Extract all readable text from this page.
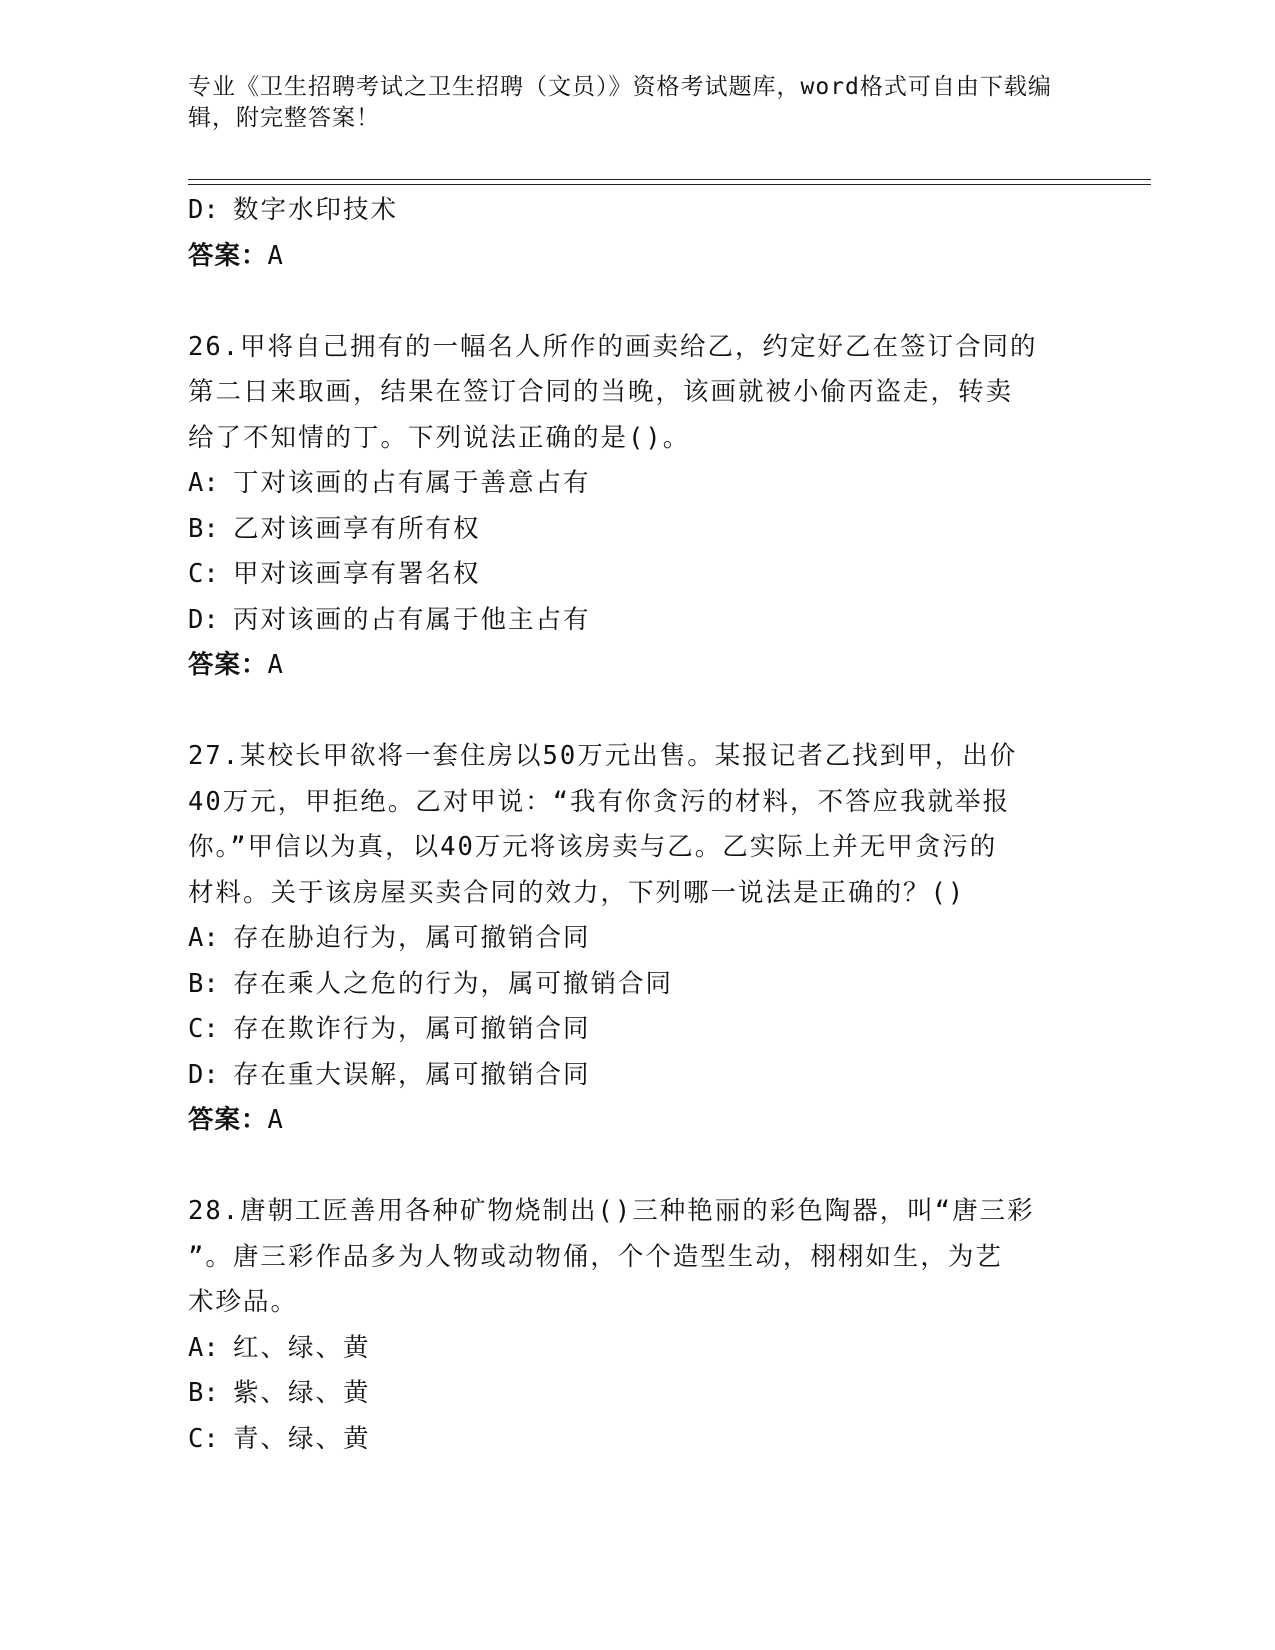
专业《卫生招聘考试之卫生招聘（文员）》资格考试题库，word格式可自由下载编辑，附完整答案！
D: 数字水印技术
答案：A
26.甲将自己拥有的一幅名人所作的画卖给乙，约定好乙在签订合同的
第二日来取画，结果在签订合同的当晚，该画就被小偷丙盗走，转卖
给了不知情的丁。下列说法正确的是()。
A: 丁对该画的占有属于善意占有
B: 乙对该画享有所有权
C: 甲对该画享有署名权
D: 丙对该画的占有属于他主占有
答案：A
27.某校长甲欲将一套住房以50万元出售。某报记者乙找到甲，出价
40万元，甲拒绝。乙对甲说：“我有你贪污的材料，不答应我就举报
你。”甲信以为真，以40万元将该房卖与乙。乙实际上并无甲贪污的
材料。关于该房屋买卖合同的效力，下列哪一说法是正确的？()
A: 存在胁迫行为，属可撤销合同
B: 存在乘人之危的行为，属可撤销合同
C: 存在欺诈行为，属可撤销合同
D: 存在重大误解，属可撤销合同
答案：A
28.唐朝工匠善用各种矿物烧制出()三种艳丽的彩色陶器，叫“唐三彩
”。唐三彩作品多为人物或动物俑，个个造型生动，栩栩如生，为艺
术珍品。
A: 红、绿、黄
B: 紫、绿、黄
C: 青、绿、黄
